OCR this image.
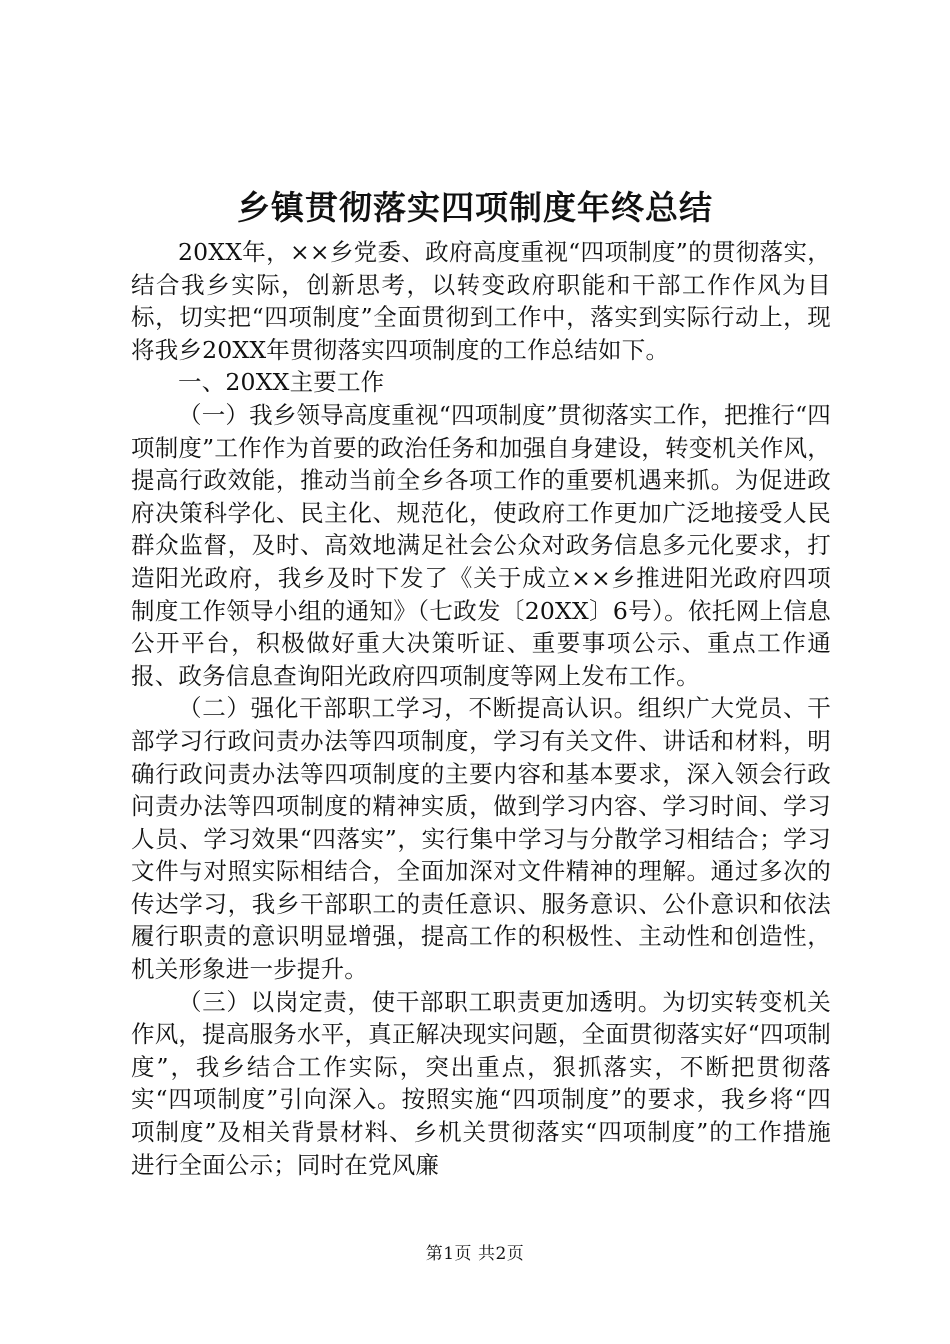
乡镇贯彻落实四项制度年终总结

20XX年，××乡党委、政府高度重视“四项制度”的贯彻落实，结合我乡实际，创新思考，以转变政府职能和干部工作作风为目标，切实把“四项制度”全面贯彻到工作中，落实到实际行动上，现将我乡20XX年贯彻落实四项制度的工作总结如下。

一、20XX主要工作

（一）我乡领导高度重视“四项制度”贯彻落实工作，把推行“四项制度”工作作为首要的政治任务和加强自身建设，转变机关作风，提高行政效能，推动当前全乡各项工作的重要机遇来抓。为促进政府决策科学化、民主化、规范化，使政府工作更加广泛地接受人民群众监督，及时、高效地满足社会公众对政务信息多元化要求，打造阳光政府，我乡及时下发了《关于成立××乡推进阳光政府四项制度工作领导小组的通知》（七政发〔20XX〕6号）。依托网上信息公开平台，积极做好重大决策听证、重要事项公示、重点工作通报、政务信息查询阳光政府四项制度等网上发布工作。

（二）强化干部职工学习，不断提高认识。组织广大党员、干部学习行政问责办法等四项制度，学习有关文件、讲话和材料，明确行政问责办法等四项制度的主要内容和基本要求，深入领会行政问责办法等四项制度的精神实质，做到学习内容、学习时间、学习人员、学习效果“四落实”，实行集中学习与分散学习相结合；学习文件与对照实际相结合，全面加深对文件精神的理解。通过多次的传达学习，我乡干部职工的责任意识、服务意识、公仆意识和依法履行职责的意识明显增强，提高工作的积极性、主动性和创造性，机关形象进一步提升。

（三）以岗定责，使干部职工职责更加透明。为切实转变机关作风，提高服务水平，真正解决现实问题，全面贯彻落实好“四项制度”，我乡结合工作实际，突出重点，狠抓落实，不断把贯彻落实“四项制度”引向深入。按照实施“四项制度”的要求，我乡将“四项制度”及相关背景材料、乡机关贯彻落实“四项制度”的工作措施进行全面公示；同时在党风廉

第1页 共2页
